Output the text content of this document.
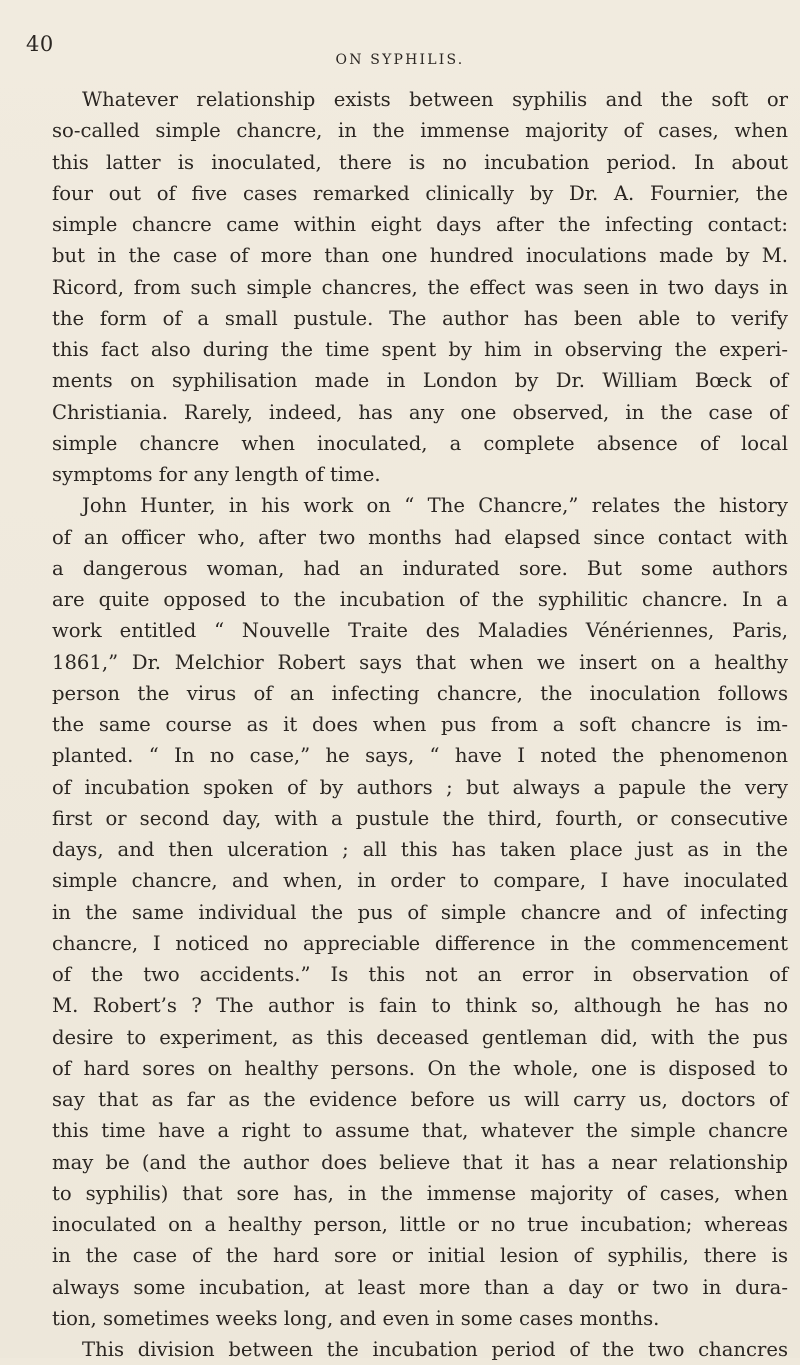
40
ON SYPHILIS.
Whatever relationship exists between syphilis and the soft or
so-called simple chancre, in the immense majority of cases, when
this latter is inoculated, there is no incubation period. In about
four out of five cases remarked clinically by Dr. A. Fournier, the
simple chancre came within eight days after the infecting contact:
but in the case of more than one hundred inoculations made by M.
Ricord, from such simple chancres, the effect was seen in two days in
the form of a small pustule. The author has been able to verify
this fact also during the time spent by him in observing the experi-
ments on syphilisation made in London by Dr. William Bœck of
Christiania. Rarely, indeed, has any one observed, in the case of
simple chancre when inoculated, a complete absence of local
symptoms for any length of time.
John Hunter, in his work on “ The Chancre,” relates the history
of an officer who, after two months had elapsed since contact with
a dangerous woman, had an indurated sore. But some authors
are quite opposed to the incubation of the syphilitic chancre. In a
work entitled “ Nouvelle Traite des Maladies Vénériennes, Paris,
1861,” Dr. Melchior Robert says that when we insert on a healthy
person the virus of an infecting chancre, the inoculation follows
the same course as it does when pus from a soft chancre is im-
planted. “ In no case,” he says, “ have I noted the phenomenon
of incubation spoken of by authors ; but always a papule the very
first or second day, with a pustule the third, fourth, or consecutive
days, and then ulceration ; all this has taken place just as in the
simple chancre, and when, in order to compare, I have inoculated
in the same individual the pus of simple chancre and of infecting
chancre, I noticed no appreciable difference in the commencement
of the two accidents.” Is this not an error in observation of
M. Robert’s ? The author is fain to think so, although he has no
desire to experiment, as this deceased gentleman did, with the pus
of hard sores on healthy persons. On the whole, one is disposed to
say that as far as the evidence before us will carry us, doctors of
this time have a right to assume that, whatever the simple chancre
may be (and the author does believe that it has a near relationship
to syphilis) that sore has, in the immense majority of cases, when
inoculated on a healthy person, little or no true incubation; whereas
in the case of the hard sore or initial lesion of syphilis, there is
always some incubation, at least more than a day or two in dura-
tion, sometimes weeks long, and even in some cases months.
This division between the incubation period of the two chancres
